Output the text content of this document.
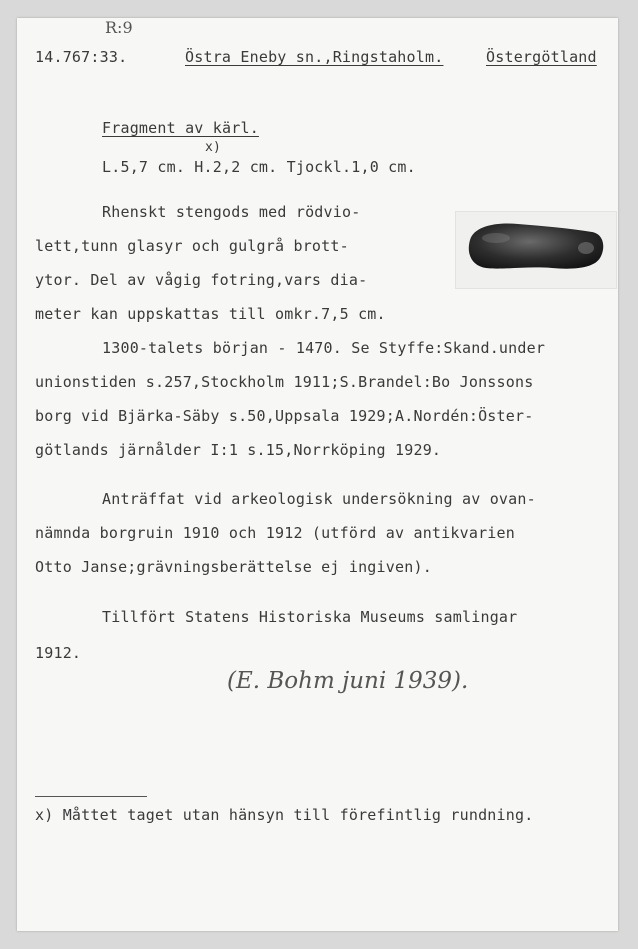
R:9
14.767:33.	Östra Eneby sn.,Ringstaholm.	Östergötland
Fragment av kärl.
x)
L.5,7 cm. H.2,2 cm. Tjockl.1,0 cm.
Rhenskt stengods med rödvio-
lett,tunn glasyr och gulgrå brott-
ytor. Del av vågig fotring,vars dia-
meter kan uppskattas till omkr.7,5 cm.
1300-talets början - 1470. Se Styffe:Skand.under
unionstiden s.257,Stockholm 1911;S.Brandel:Bo Jonssons
borg vid Bjärka-Säby s.50,Uppsala 1929;A.Nordén:Öster-
götlands järnålder I:1 s.15,Norrköping 1929.
Anträffat vid arkeologisk undersökning av ovan-
nämnda borgruin 1910 och 1912 (utförd av antikvarien
Otto Janse;grävningsberättelse ej ingiven).
Tillfört Statens Historiska Museums samlingar
1912.
(E. Bohm juni 1939).
x) Måttet taget utan hänsyn till förefintlig rundning.
